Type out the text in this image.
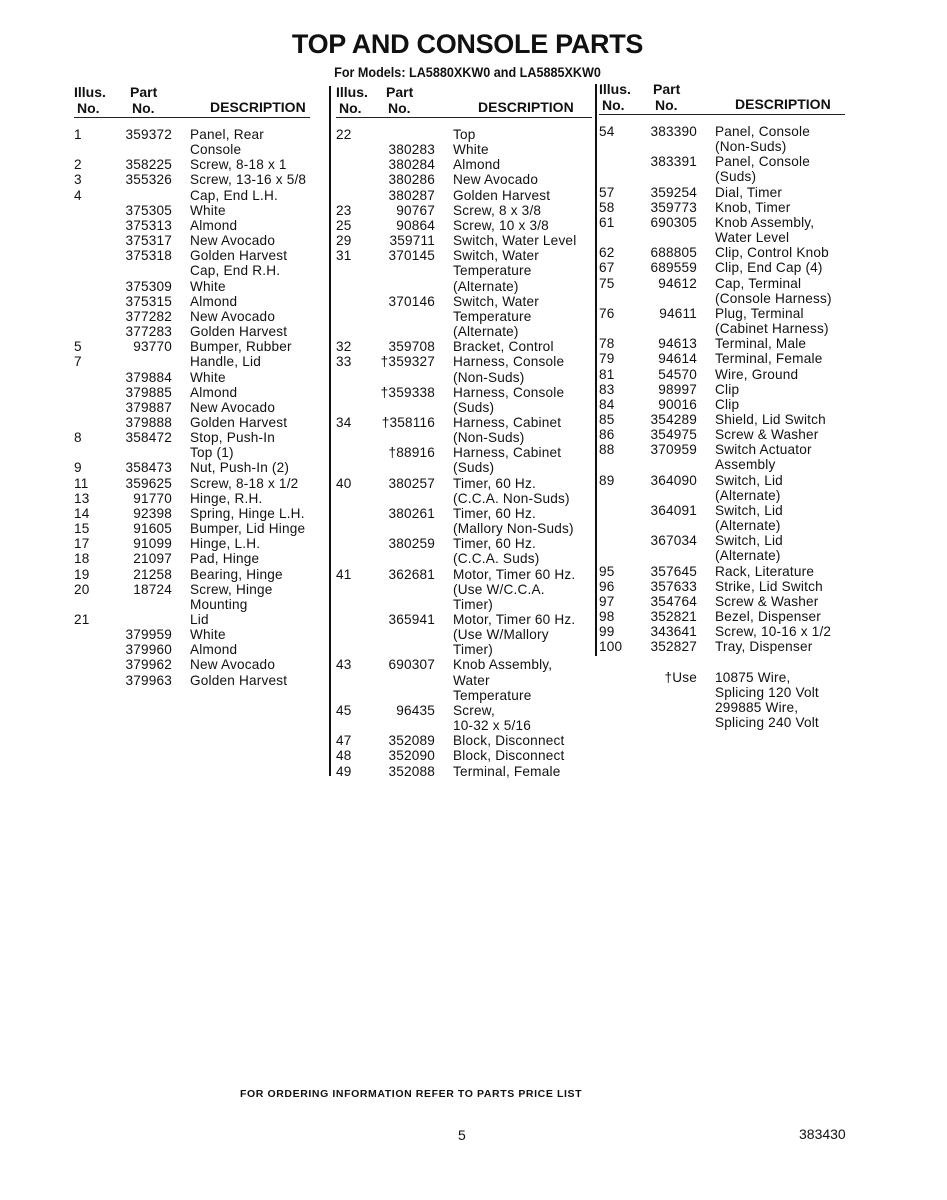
TOP AND CONSOLE PARTS
For Models: LA5880XKW0 and LA5885XKW0
Illus.
No.
Part
No.	DESCRIPTION
1	359372 Panel, Rear
Console
2	358225 Screw, 8-18 x 1
3	355326 Screw, 13-16 x 5/8
4	Cap, End L.H.
375305 White
375313 Almond
375317 New Avocado
375318 Golden Harvest
Cap, End R.H.
375309 White
375315 Almond
377282 New Avocado
377283 Golden Harvest
5	93770 Bumper, Rubber
7	Handle, Lid
379884 White
379885 Almond
379887 New Avocado
379888 Golden Harvest
8	358472 Stop, Push-In
Top (1)
9	358473 Nut, Push-In (2)
11	359625 Screw, 8-18 x 1/2
13	91770 Hinge, R.H.
14	92398 Spring, Hinge L.H.
15	91605 Bumper, Lid Hinge
17	91099 Hinge, L.H.
18	21097 Pad, Hinge
19	21258 Bearing, Hinge
20	18724 Screw, Hinge
Mounting
21	Lid
379959 White
379960 Almond
379962 New Avocado
379963 Golden Harvest
Illus.
No.
Part
No.	DESCRIPTION
22	Top
380283 White
380284 Almond
380286 New Avocado
380287 Golden Harvest
23	90767 Screw, 8 x 3/8
25	90864 Screw, 10 x 3/8
29	359711 Switch, Water Level
31	370145 Switch, Water
Temperature
(Alternate)
370146 Switch, Water
Temperature
(Alternate)
32	359708 Bracket, Control
33	†359327 Harness, Console
(Non-Suds)
†359338 Harness, Console
(Suds)
34	†358116 Harness, Cabinet
(Non-Suds)
†88916 Harness, Cabinet
(Suds)
40	380257 Timer, 60 Hz.
(C.C.A. Non-Suds)
380261 Timer, 60 Hz.
(Mallory Non-Suds)
380259 Timer, 60 Hz.
(C.C.A. Suds)
41	362681 Motor, Timer 60 Hz.
(Use W/C.C.A.
Timer)
365941 Motor, Timer 60 Hz.
(Use W/Mallory
Timer)
43	690307 Knob Assembly,
Water
Temperature
45	96435 Screw,
10-32 x 5/16
47	352089 Block, Disconnect
48	352090 Block, Disconnect
49	352088 Terminal, Female
Illus.
No.
Part
No.	DESCRIPTION
54	383390 Panel, Console
(Non-Suds)
383391 Panel, Console
(Suds)
57	359254 Dial, Timer
58	359773 Knob, Timer
61	690305 Knob Assembly,
Water Level
62	688805 Clip, Control Knob
67	689559 Clip, End Cap (4)
75	94612 Cap, Terminal
(Console Harness)
76	94611 Plug, Terminal
(Cabinet Harness)
78	94613 Terminal, Male
79	94614 Terminal, Female
81	54570 Wire, Ground
83	98997 Clip
84	90016 Clip
85	354289 Shield, Lid Switch
86	354975 Screw & Washer
88	370959 Switch Actuator
Assembly
89	364090 Switch, Lid
(Alternate)
364091 Switch, Lid
(Alternate)
367034 Switch, Lid
(Alternate)
95	357645 Rack, Literature
96	357633 Strike, Lid Switch
97	354764 Screw & Washer
98	352821 Bezel, Dispenser
99	343641 Screw, 10-16 x 1/2
100	352827 Tray, Dispenser
†Use 10875 Wire,
Splicing 120 Volt
299885 Wire,
Splicing 240 Volt
FOR ORDERING INFORMATION REFER TO PARTS PRICE LIST
5	383430
